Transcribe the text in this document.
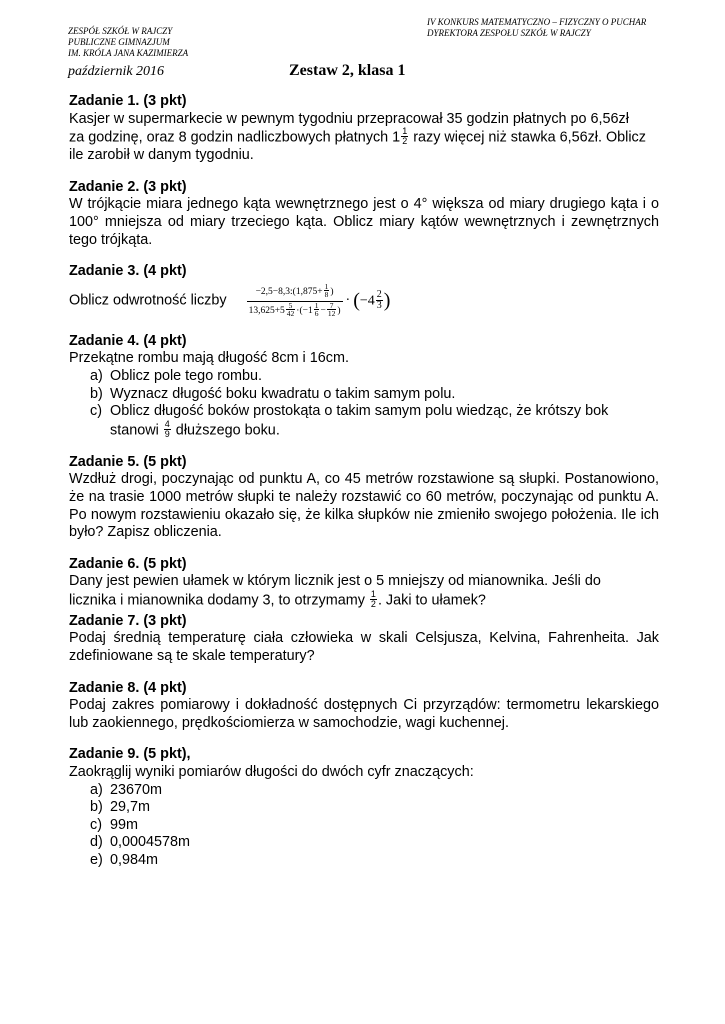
ZESPÓŁ SZKÓŁ W RAJCZY
PUBLICZNE GIMNAZJUM
IM. KRÓLA JANA KAZIMIERZA
IV KONKURS MATEMATYCZNO – FIZYCZNY O PUCHAR
DYREKTORA ZESPOŁU SZKÓŁ W RAJCZY
październik 2016	Zestaw 2, klasa 1
Zadanie 1. (3 pkt)

Kasjer w supermarkecie w pewnym tygodniu przepracował 35 godzin płatnych po 6,56zł
za godzinę, oraz 8 godzin nadliczbowych płatnych $1 \frac{1}{2}$ razy więcej niż stawka 6,56zł. Oblicz
ile zarobił w danym tygodniu.

Zadanie 2. (3 pkt)

W trójkącie miara jednego kąta wewnętrznego jest o 4° większa od miary drugiego kąta i o 100° mniejsza od miary trzeciego kąta. Oblicz miary kątów wewnętrznych i zewnętrznych tego trójkąta.

Zadanie 3. (4 pkt)

Oblicz odwrotność liczby $\frac{-2,5-8,3:(1,875+ \frac{1}{8} )}{13,625+5 \frac{5}{42} \cdot(-1 \frac{1}{6} - \frac{7}{12} )} \cdot (-4 \frac{2}{3}$ )

Zadanie 4. (4 pkt)

Przekątne rombu mają długość 8cm i 16cm.

a) Oblicz pole tego rombu.
b) Wyznacz długość boku kwadratu o takim samym polu.
c) Oblicz długość boków prostokąta o takim samym polu wiedząc, że krótszy bok
stanowi $\frac{4}{9}$ dłuższego boku.
Zadanie 5. (5 pkt)

Wzdłuż drogi, poczynając od punktu A, co 45 metrów rozstawione są słupki. Postanowiono, że na trasie 1000 metrów słupki te należy rozstawić co 60 metrów, poczynając od punktu A. Po nowym rozstawieniu okazało się, że kilka słupków nie zmieniło swojego położenia. Ile ich było? Zapisz obliczenia.

Zadanie 6. (5 pkt)

Dany jest pewien ułamek w którym licznik jest o 5 mniejszy od mianownika. Jeśli do
licznika i mianownika dodamy 3, to otrzymamy $\frac{1}{2}$ . Jaki to ułamek?

Zadanie 7. (3 pkt)

Podaj średnią temperaturę ciała człowieka w skali Celsjusza, Kelvina, Fahrenheita. Jak zdefiniowane są te skale temperatury?

Zadanie 8. (4 pkt)

Podaj zakres pomiarowy i dokładność dostępnych Ci przyrządów: termometru lekarskiego lub zaokiennego, prędkościomierza w samochodzie, wagi kuchennej.

Zadanie 9. (5 pkt),

Zaokrąglij wyniki pomiarów długości do dwóch cyfr znaczących:

a) 23670m
b) 29,7m
c) 99m
d) 0,0004578m
e) 0,984m
